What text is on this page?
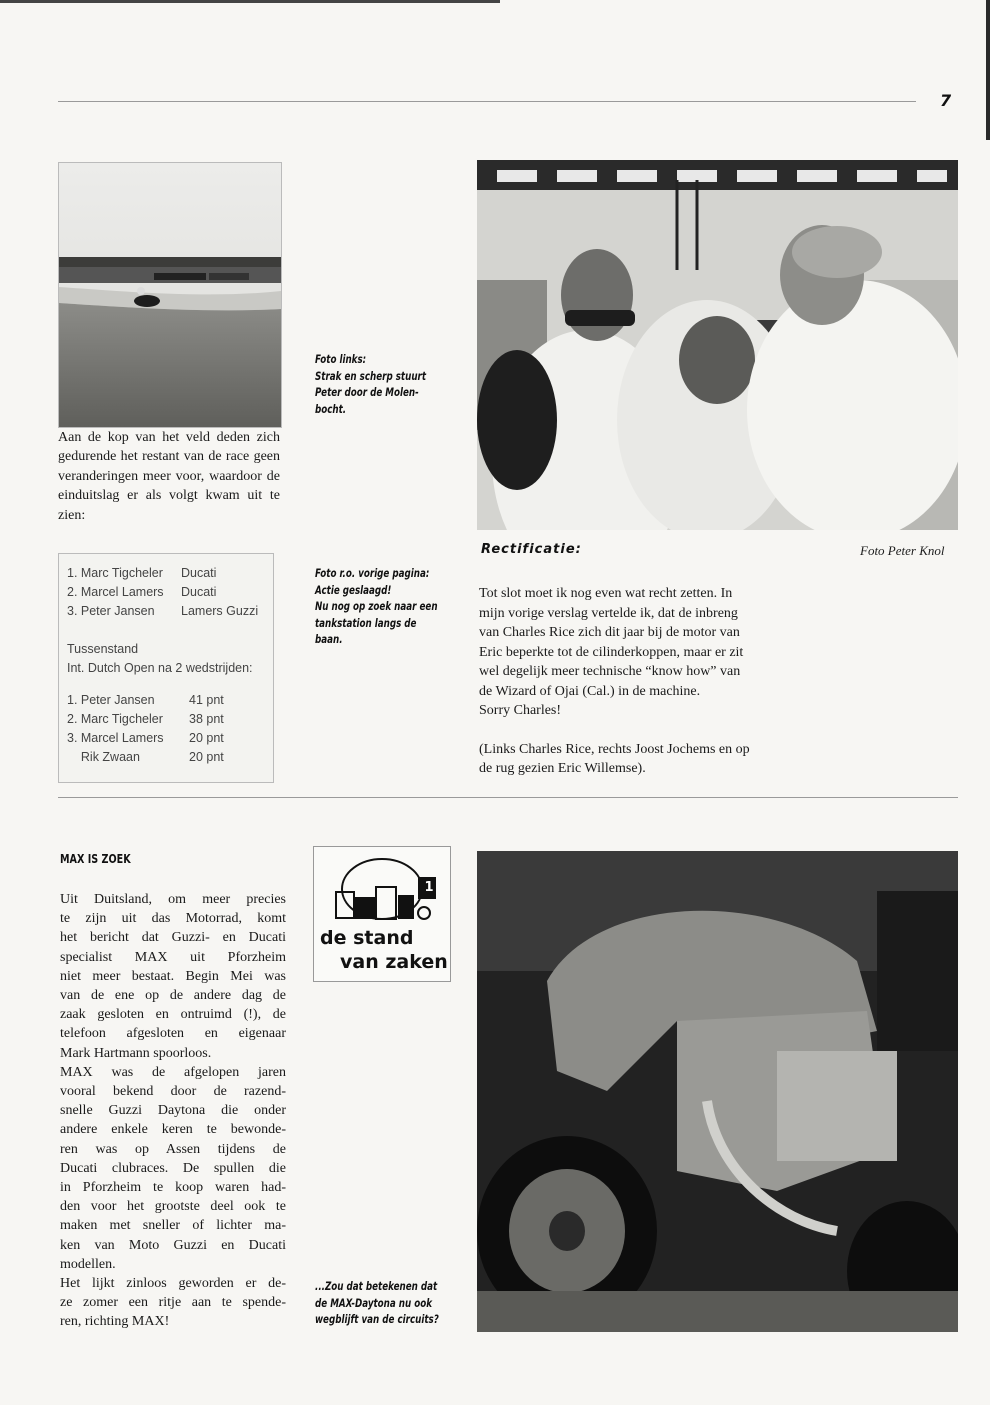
7
Foto links:
Strak en scherp stuurt
Peter door de Molen-
bocht.
Aan de kop van het veld deden zich gedurende het restant van de race geen veranderingen meer voor, waardoor de einduitslag er als volgt kwam uit te zien:
1. Marc Tigcheler	Ducati
2. Marcel Lamers	Ducati
3. Peter Jansen	Lamers Guzzi
Tussenstand
Int. Dutch Open na 2 wedstrijden:
1. Peter Jansen	41 pnt
2. Marc Tigcheler	38 pnt
3. Marcel Lamers	20 pnt
Rik Zwaan	20 pnt
Foto r.o. vorige pagina:
Actie geslaagd!
Nu nog op zoek naar een
tankstation langs de
baan.
Rectificatie:	Foto Peter Knol
Tot slot moet ik nog even wat recht zetten. In
mijn vorige verslag vertelde ik, dat de inbreng
van Charles Rice zich dit jaar bij de motor van
Eric beperkte tot de cilinderkoppen, maar er zit
wel degelijk meer technische “know how” van
de Wizard of Ojai (Cal.) in de machine.
Sorry Charles!
(Links Charles Rice, rechts Joost Jochems en op
de rug gezien Eric Willemse).
MAX IS ZOEK
Uit Duitsland, om meer precies
te zijn uit das Motorrad, komt
het bericht dat Guzzi- en Ducati
specialist MAX uit Pforzheim
niet meer bestaat. Begin Mei was
van de ene op de andere dag de
zaak gesloten en ontruimd (!), de
telefoon afgesloten en eigenaar
Mark Hartmann spoorloos.
MAX was de afgelopen jaren
vooral bekend door de razend-
snelle Guzzi Daytona die onder
andere enkele keren te bewonde-
ren was op Assen tijdens de
Ducati clubraces. De spullen die
in Pforzheim te koop waren had-
den voor het grootste deel ook te
maken met sneller of lichter ma-
ken van Moto Guzzi en Ducati
modellen.
Het lijkt zinloos geworden er de-
ze zomer een ritje aan te spende-
ren, richting MAX!
1
de stand
van zaken
...Zou dat betekenen dat
de MAX-Daytona nu ook
wegblijft van de circuits?
